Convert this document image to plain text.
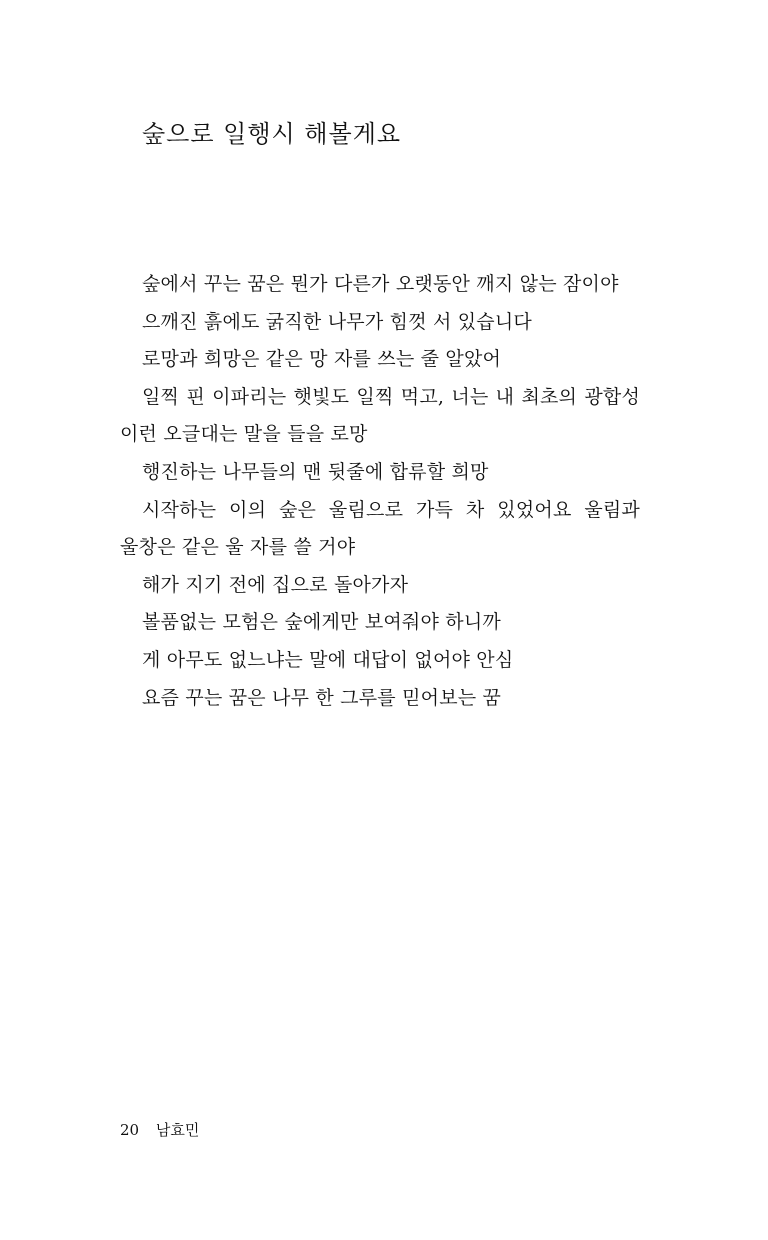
숲으로 일행시 해볼게요
숲에서 꾸는 꿈은 뭔가 다른가 오랫동안 깨지 않는 잠이야
으깨진 흙에도 굵직한 나무가 힘껏 서 있습니다
로망과 희망은 같은 망 자를 쓰는 줄 알았어
일찍 핀 이파리는 햇빛도 일찍 먹고, 너는 내 최초의 광합성 이런 오글대는 말을 들을 로망
행진하는 나무들의 맨 뒷줄에 합류할 희망
시작하는 이의 숲은 울림으로 가득 차 있었어요 울림과 울창은 같은 울 자를 쓸 거야
해가 지기 전에 집으로 돌아가자
볼품없는 모험은 숲에게만 보여줘야 하니까
게 아무도 없느냐는 말에 대답이 없어야 안심
요즘 꾸는 꿈은 나무 한 그루를 믿어보는 꿈
20 남효민
